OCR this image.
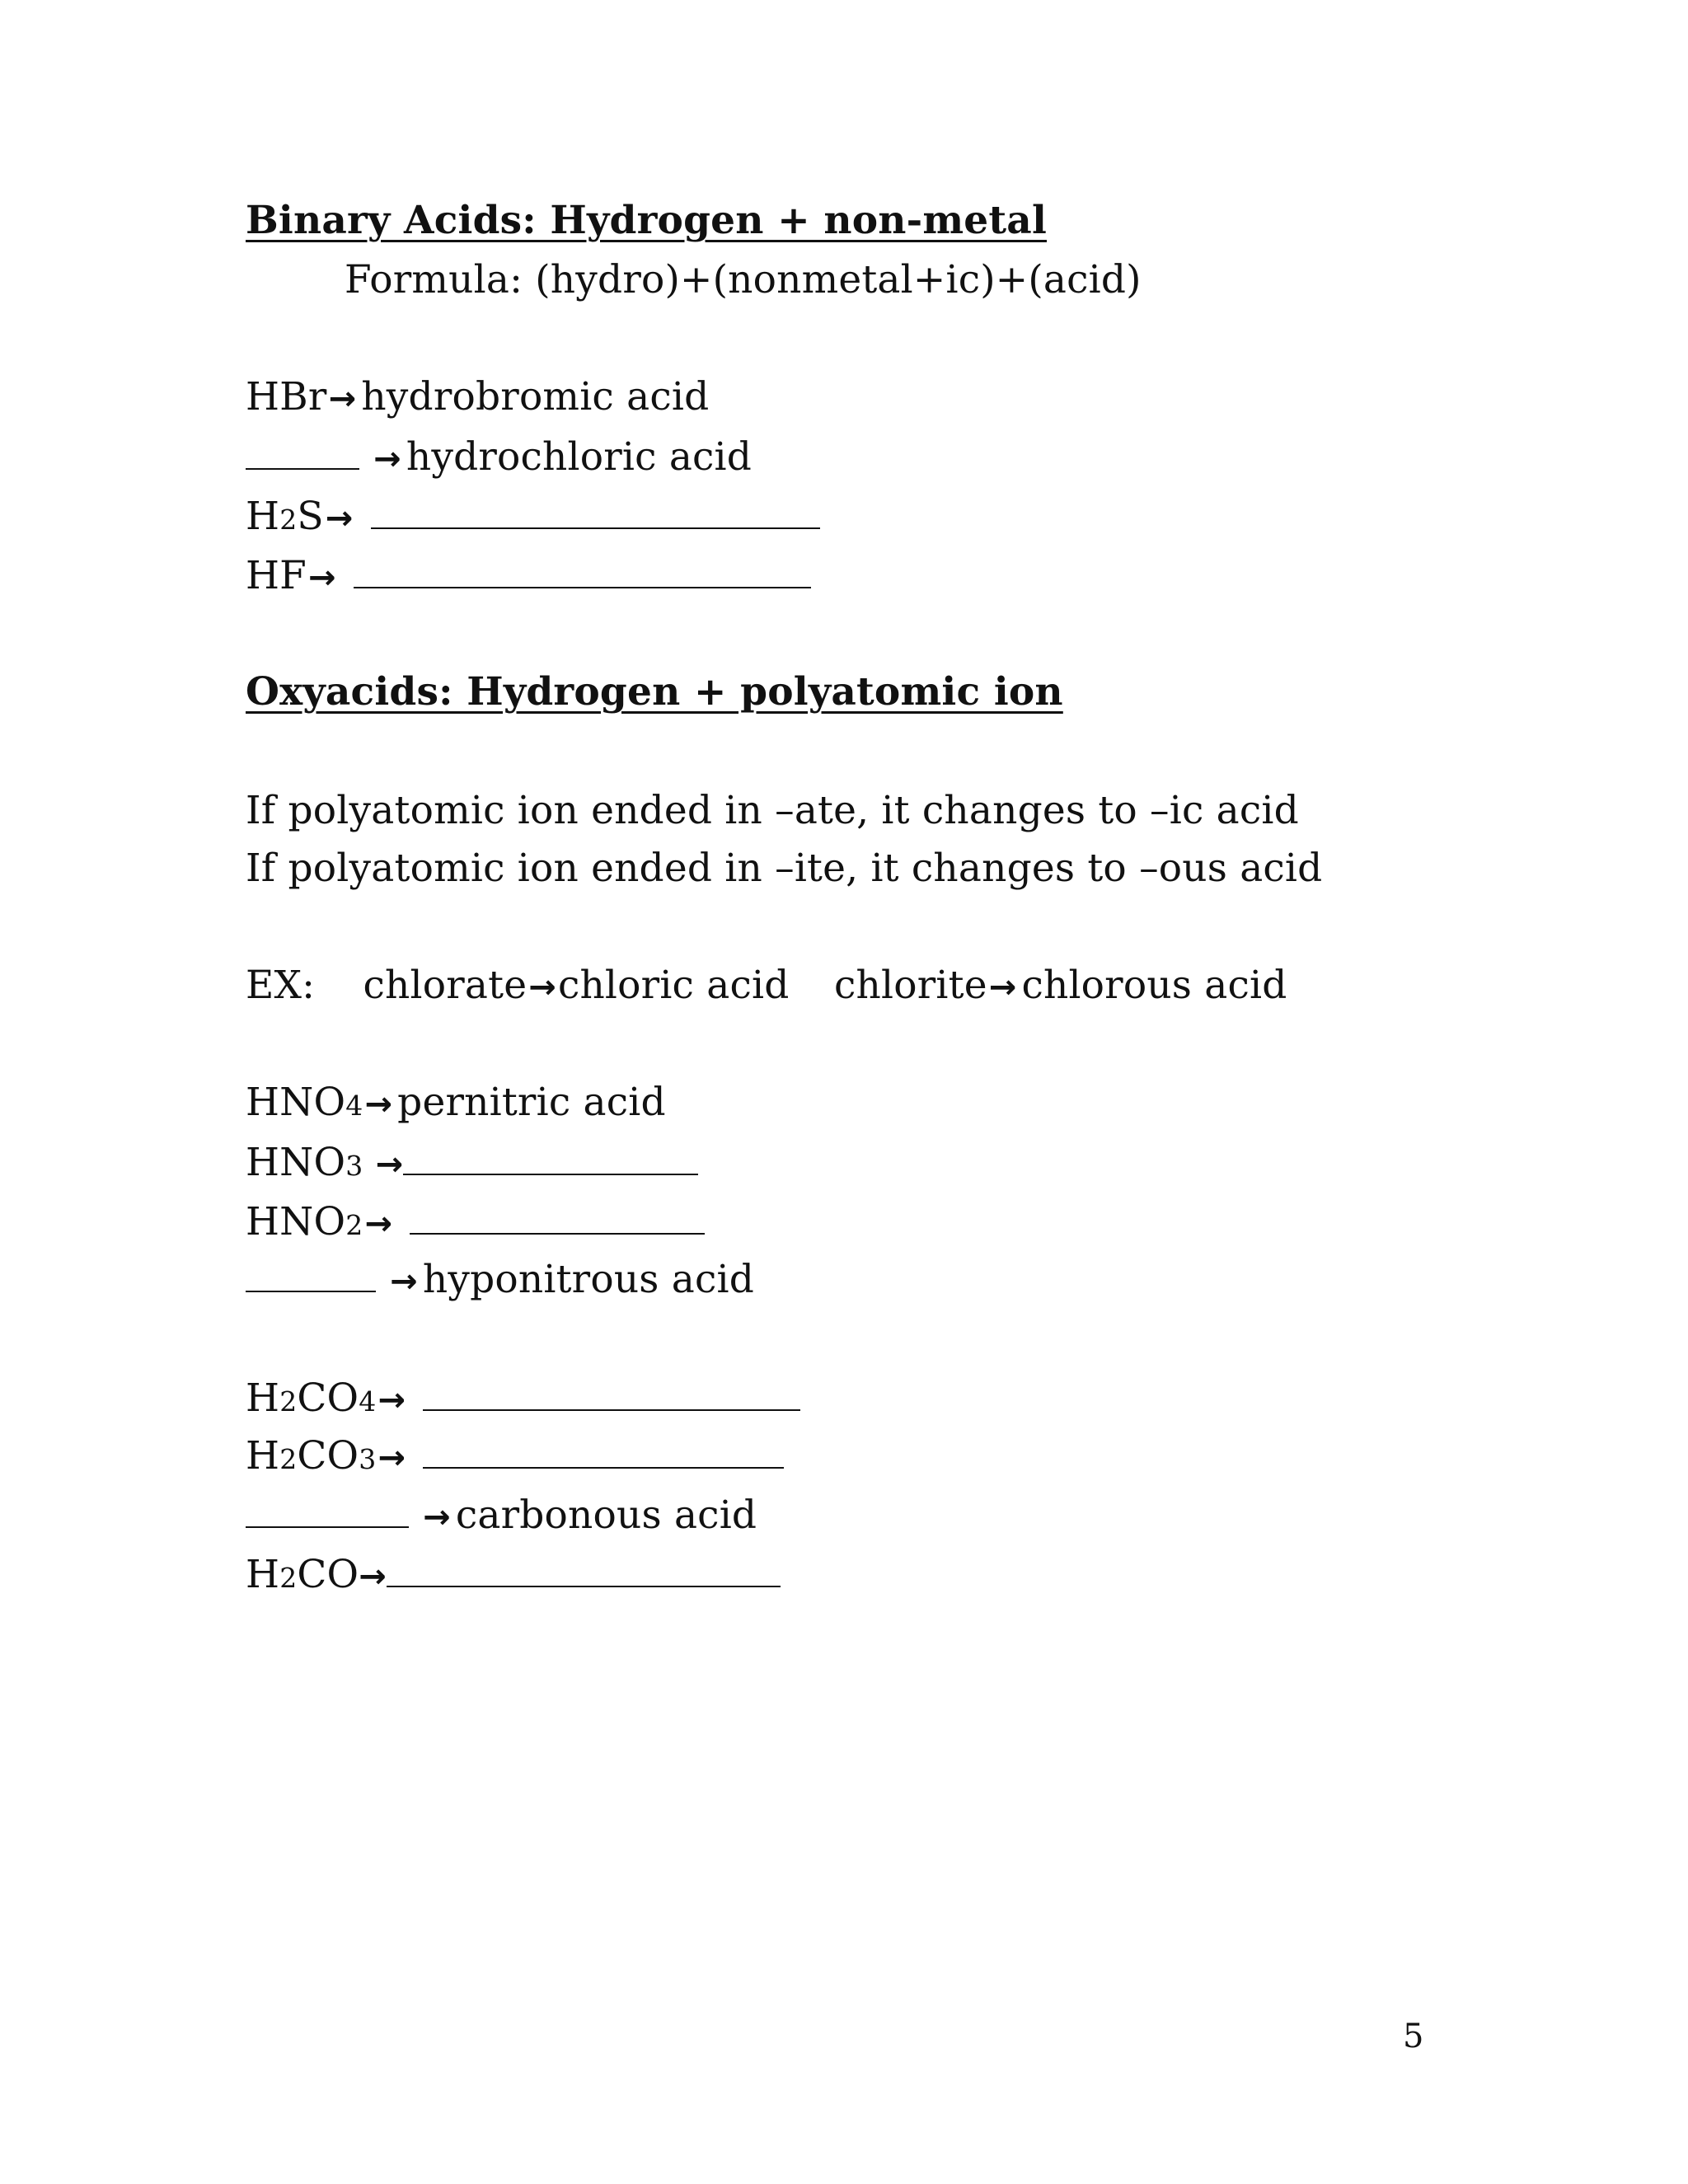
Binary Acids: Hydrogen + non-metal
Formula: (hydro)+(nonmetal+ic)+(acid)
HBr→ hydrobromic acid
→ hydrochloric acid
H2S→
HF→
Oxyacids: Hydrogen + polyatomic ion
If polyatomic ion ended in –ate, it changes to –ic acid
If polyatomic ion ended in –ite, it changes to –ous acid
EX: chlorate→chloric acid chlorite→ chlorous acid
HNO4→ pernitric acid
HNO3 →
HNO2→
→ hyponitrous acid
H2CO4→
H2CO3→
→ carbonous acid
H2CO→
5
